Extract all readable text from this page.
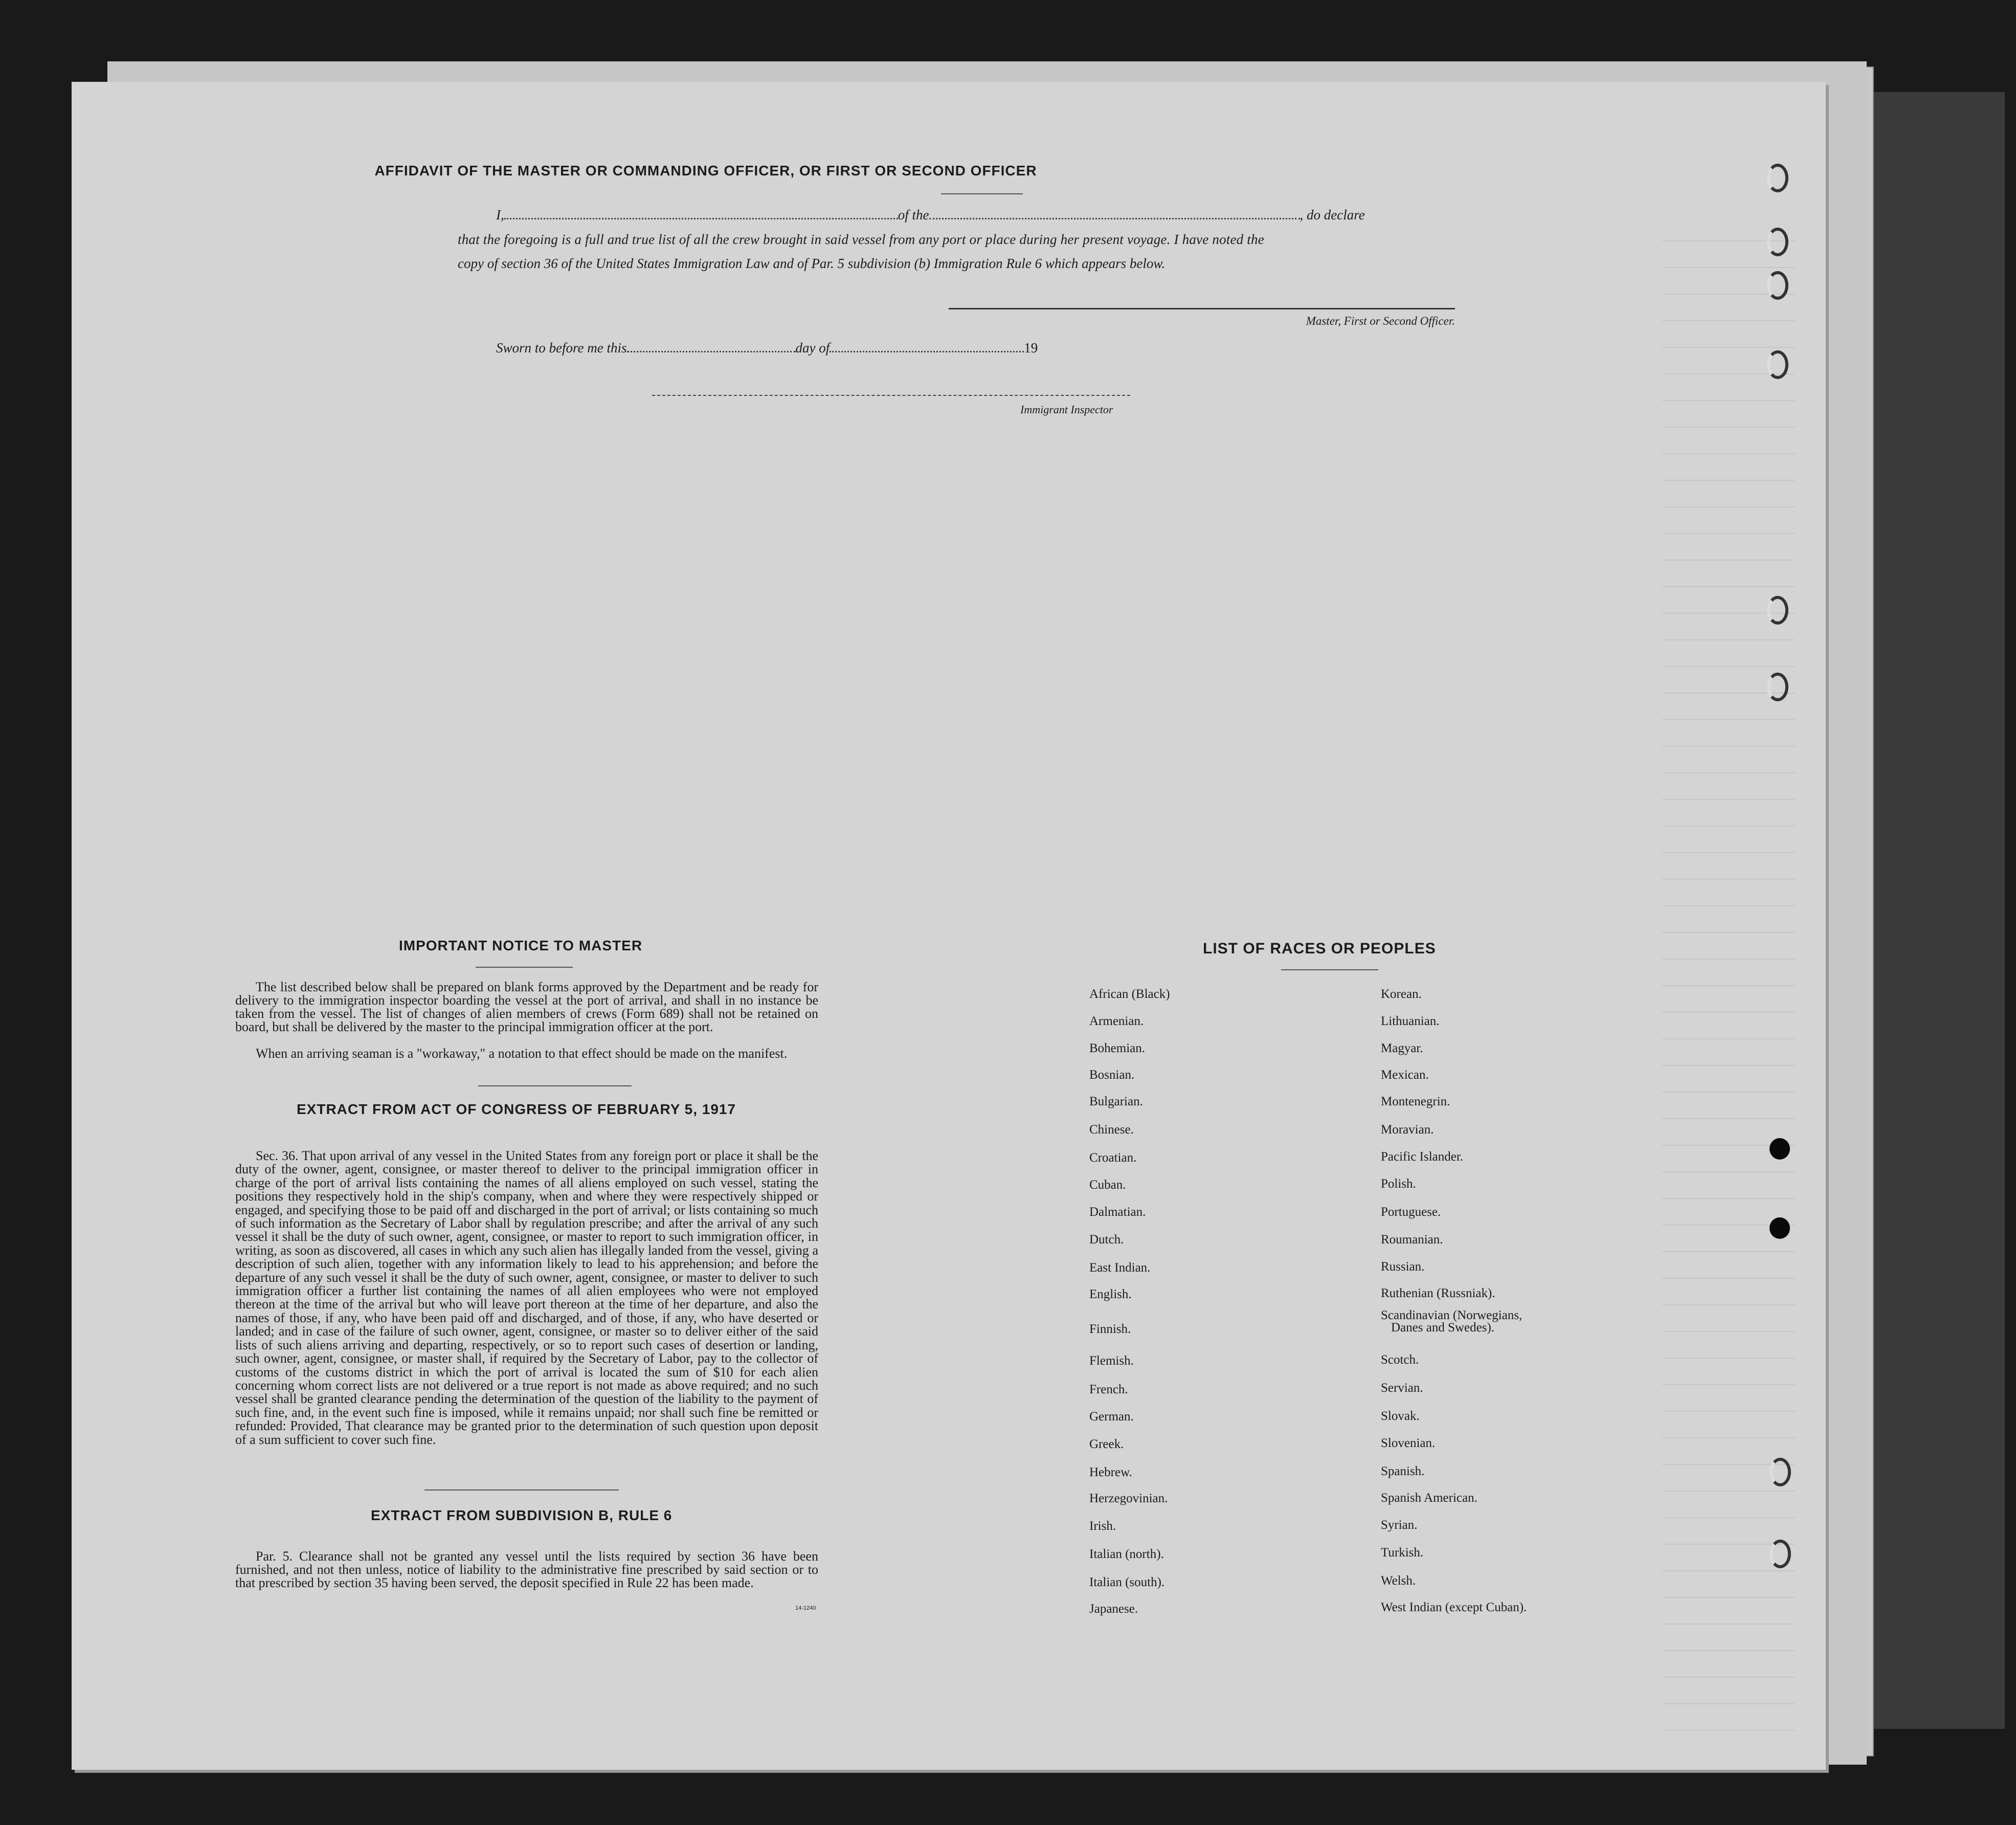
AFFIDAVIT OF THE MASTER OR COMMANDING OFFICER, OR FIRST OR SECOND OFFICER
I,	of the	, do declare
that the foregoing is a full and true list of all the crew brought in said vessel from any port or place during her present voyage. I have noted the
copy of section 36 of the United States Immigration Law and of Par. 5 subdivision (b) Immigration Rule 6 which appears below.
Master, First or Second Officer.
Sworn to before me this	day of	19
Immigrant Inspector
IMPORTANT NOTICE TO MASTER
The list described below shall be prepared on blank forms approved by the Department and be ready for delivery to the immigration inspector boarding the vessel at the port of arrival, and shall in no instance be taken from the vessel. The list of changes of alien members of crews (Form 689) shall not be retained on board, but shall be delivered by the master to the principal immigration officer at the port.
When an arriving seaman is a "workaway," a notation to that effect should be made on the manifest.
EXTRACT FROM ACT OF CONGRESS OF FEBRUARY 5, 1917
Sec. 36. That upon arrival of any vessel in the United States from any foreign port or place it shall be the duty of the owner, agent, consignee, or master thereof to deliver to the principal immigration officer in charge of the port of arrival lists containing the names of all aliens employed on such vessel, stating the positions they respectively hold in the ship's company, when and where they were respectively shipped or engaged, and specifying those to be paid off and discharged in the port of arrival; or lists containing so much of such information as the Secretary of Labor shall by regulation prescribe; and after the arrival of any such vessel it shall be the duty of such owner, agent, consignee, or master to report to such immigration officer, in writing, as soon as discovered, all cases in which any such alien has illegally landed from the vessel, giving a description of such alien, together with any information likely to lead to his apprehension; and before the departure of any such vessel it shall be the duty of such owner, agent, consignee, or master to deliver to such immigration officer a further list containing the names of all alien employees who were not employed thereon at the time of the arrival but who will leave port thereon at the time of her departure, and also the names of those, if any, who have been paid off and discharged, and of those, if any, who have deserted or landed; and in case of the failure of such owner, agent, consignee, or master so to deliver either of the said lists of such aliens arriving and departing, respectively, or so to report such cases of desertion or landing, such owner, agent, consignee, or master shall, if required by the Secretary of Labor, pay to the collector of customs of the customs district in which the port of arrival is located the sum of $10 for each alien concerning whom correct lists are not delivered or a true report is not made as above required; and no such vessel shall be granted clearance pending the determination of the question of the liability to the payment of such fine, and, in the event such fine is imposed, while it remains unpaid; nor shall such fine be remitted or refunded: Provided, That clearance may be granted prior to the determination of such question upon deposit of a sum sufficient to cover such fine.
EXTRACT FROM SUBDIVISION B, RULE 6
Par. 5. Clearance shall not be granted any vessel until the lists required by section 36 have been furnished, and not then unless, notice of liability to the administrative fine prescribed by said section or to that prescribed by section 35 having been served, the deposit specified in Rule 22 has been made.
14-1240
LIST OF RACES OR PEOPLES
African (Black)
Armenian.
Bohemian.
Bosnian.
Bulgarian.
Chinese.
Croatian.
Cuban.
Dalmatian.
Dutch.
East Indian.
English.
Finnish.
Flemish.
French.
German.
Greek.
Hebrew.
Herzegovinian.
Irish.
Italian (north).
Italian (south).
Japanese.
Korean.
Lithuanian.
Magyar.
Mexican.
Montenegrin.
Moravian.
Pacific Islander.
Polish.
Portuguese.
Roumanian.
Russian.
Ruthenian (Russniak).
Scandinavian (Norwegians,
Danes and Swedes).
Scotch.
Servian.
Slovak.
Slovenian.
Spanish.
Spanish American.
Syrian.
Turkish.
Welsh.
West Indian (except Cuban).
